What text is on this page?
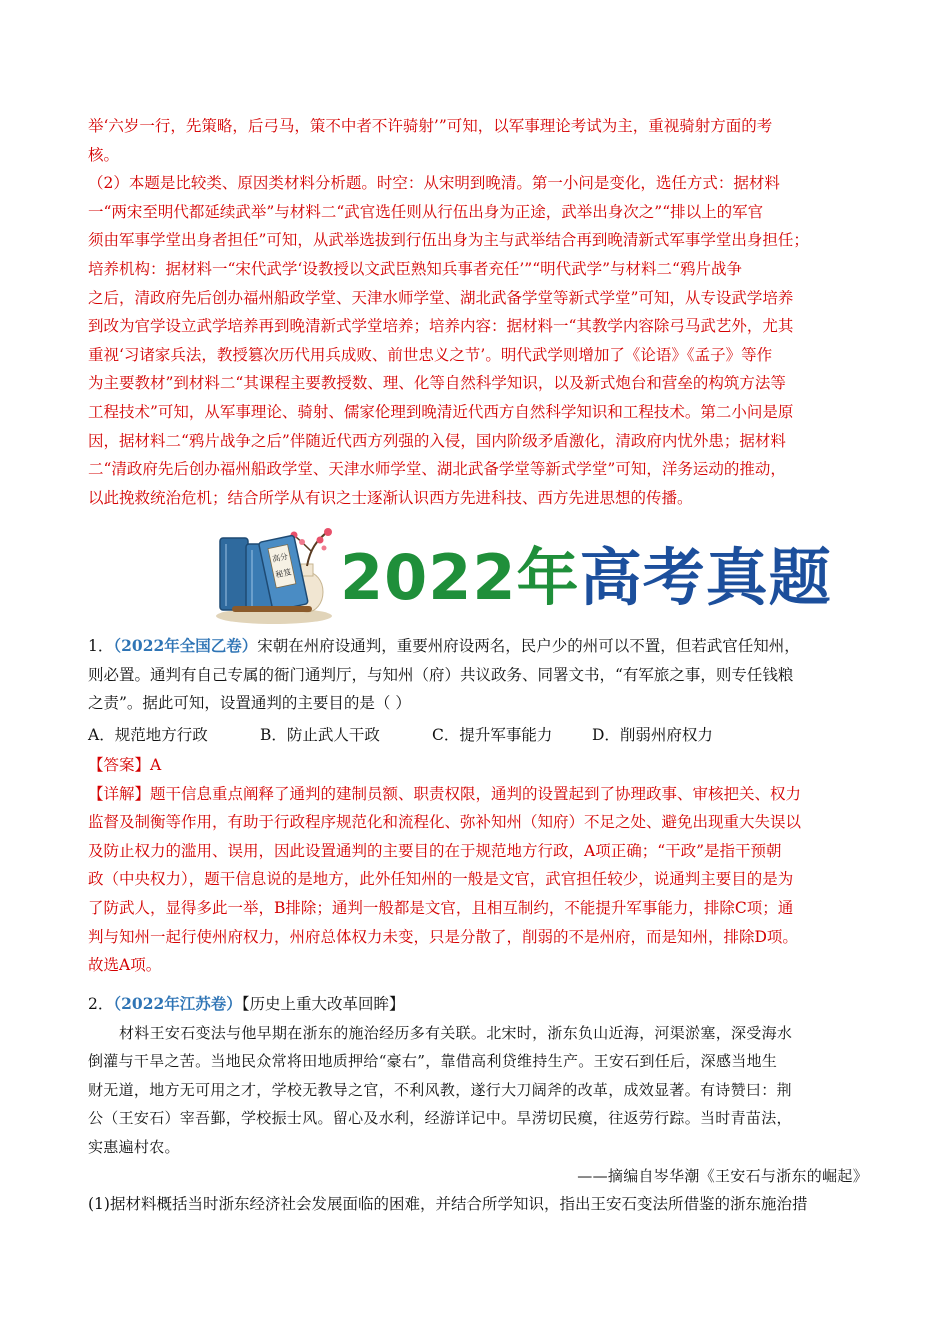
举‘六岁一行，先策略，后弓马，策不中者不许骑射’”可知，以军事理论考试为主，重视骑射方面的考
核。
（2）本题是比较类、原因类材料分析题。时空：从宋明到晚清。第一小问是变化，选任方式：据材料
一“两宋至明代都延续武举”与材料二“武官选任则从行伍出身为正途，武举出身次之”“排以上的军官
须由军事学堂出身者担任”可知，从武举选拔到行伍出身为主与武举结合再到晚清新式军事学堂出身担任；
培养机构：据材料一“宋代武学‘设教授以文武臣熟知兵事者充任’”“明代武学”与材料二“鸦片战争
之后，清政府先后创办福州船政学堂、天津水师学堂、湖北武备学堂等新式学堂”可知，从专设武学培养
到改为官学设立武学培养再到晚清新式学堂培养；培养内容：据材料一“其教学内容除弓马武艺外，尤其
重视‘习诸家兵法，教授篡次历代用兵成败、前世忠义之节’。明代武学则增加了《论语》《孟子》等作
为主要教材”到材料二“其课程主要教授数、理、化等自然科学知识，以及新式炮台和营垒的构筑方法等
工程技术”可知，从军事理论、骑射、儒家伦理到晚清近代西方自然科学知识和工程技术。第二小问是原
因，据材料二“鸦片战争之后”伴随近代西方列强的入侵，国内阶级矛盾激化，清政府内忧外患；据材料
二“清政府先后创办福州船政学堂、天津水师学堂、湖北武备学堂等新式学堂”可知，洋务运动的推动，
以此挽救统治危机；结合所学从有识之士逐渐认识西方先进科技、西方先进思想的传播。
高分
秘笈 2022年高考真题
1．（2022年全国乙卷）宋朝在州府设通判，重要州府设两名，民户少的州可以不置，但若武官任知州，
则必置。通判有自己专属的衙门通判厅，与知州（府）共议政务、同署文书，“有军旅之事，则专任钱粮
之责”。据此可知，设置通判的主要目的是（ ）
A．规范地方行政	B．防止武人干政	C．提升军事能力	D．削弱州府权力
【答案】A
【详解】题干信息重点阐释了通判的建制员额、职责权限，通判的设置起到了协理政事、审核把关、权力
监督及制衡等作用，有助于行政程序规范化和流程化、弥补知州（知府）不足之处、避免出现重大失误以
及防止权力的滥用、误用，因此设置通判的主要目的在于规范地方行政，A项正确；“干政”是指干预朝
政（中央权力），题干信息说的是地方，此外任知州的一般是文官，武官担任较少，说通判主要目的是为
了防武人，显得多此一举，B排除；通判一般都是文官，且相互制约，不能提升军事能力，排除C项；通
判与知州一起行使州府权力，州府总体权力未变，只是分散了，削弱的不是州府，而是知州，排除D项。
故选A项。
2．（2022年江苏卷）【历史上重大改革回眸】
材料王安石变法与他早期在浙东的施治经历多有关联。北宋时，浙东负山近海，河渠淤塞，深受海水
倒灌与干旱之苦。当地民众常将田地质押给“豪右”，靠借高利贷维持生产。王安石到任后，深感当地生
财无道，地方无可用之才，学校无教导之官，不利风教，遂行大刀阔斧的改革，成效显著。有诗赞曰：荆
公（王安石）宰吾鄞，学校振士风。留心及水利，经游详记中。旱涝切民瘼，往返劳行踪。当时青苗法，
实惠遍村农。
——摘编自岑华潮《王安石与浙东的崛起》
(1)据材料概括当时浙东经济社会发展面临的困难，并结合所学知识，指出王安石变法所借鉴的浙东施治措
